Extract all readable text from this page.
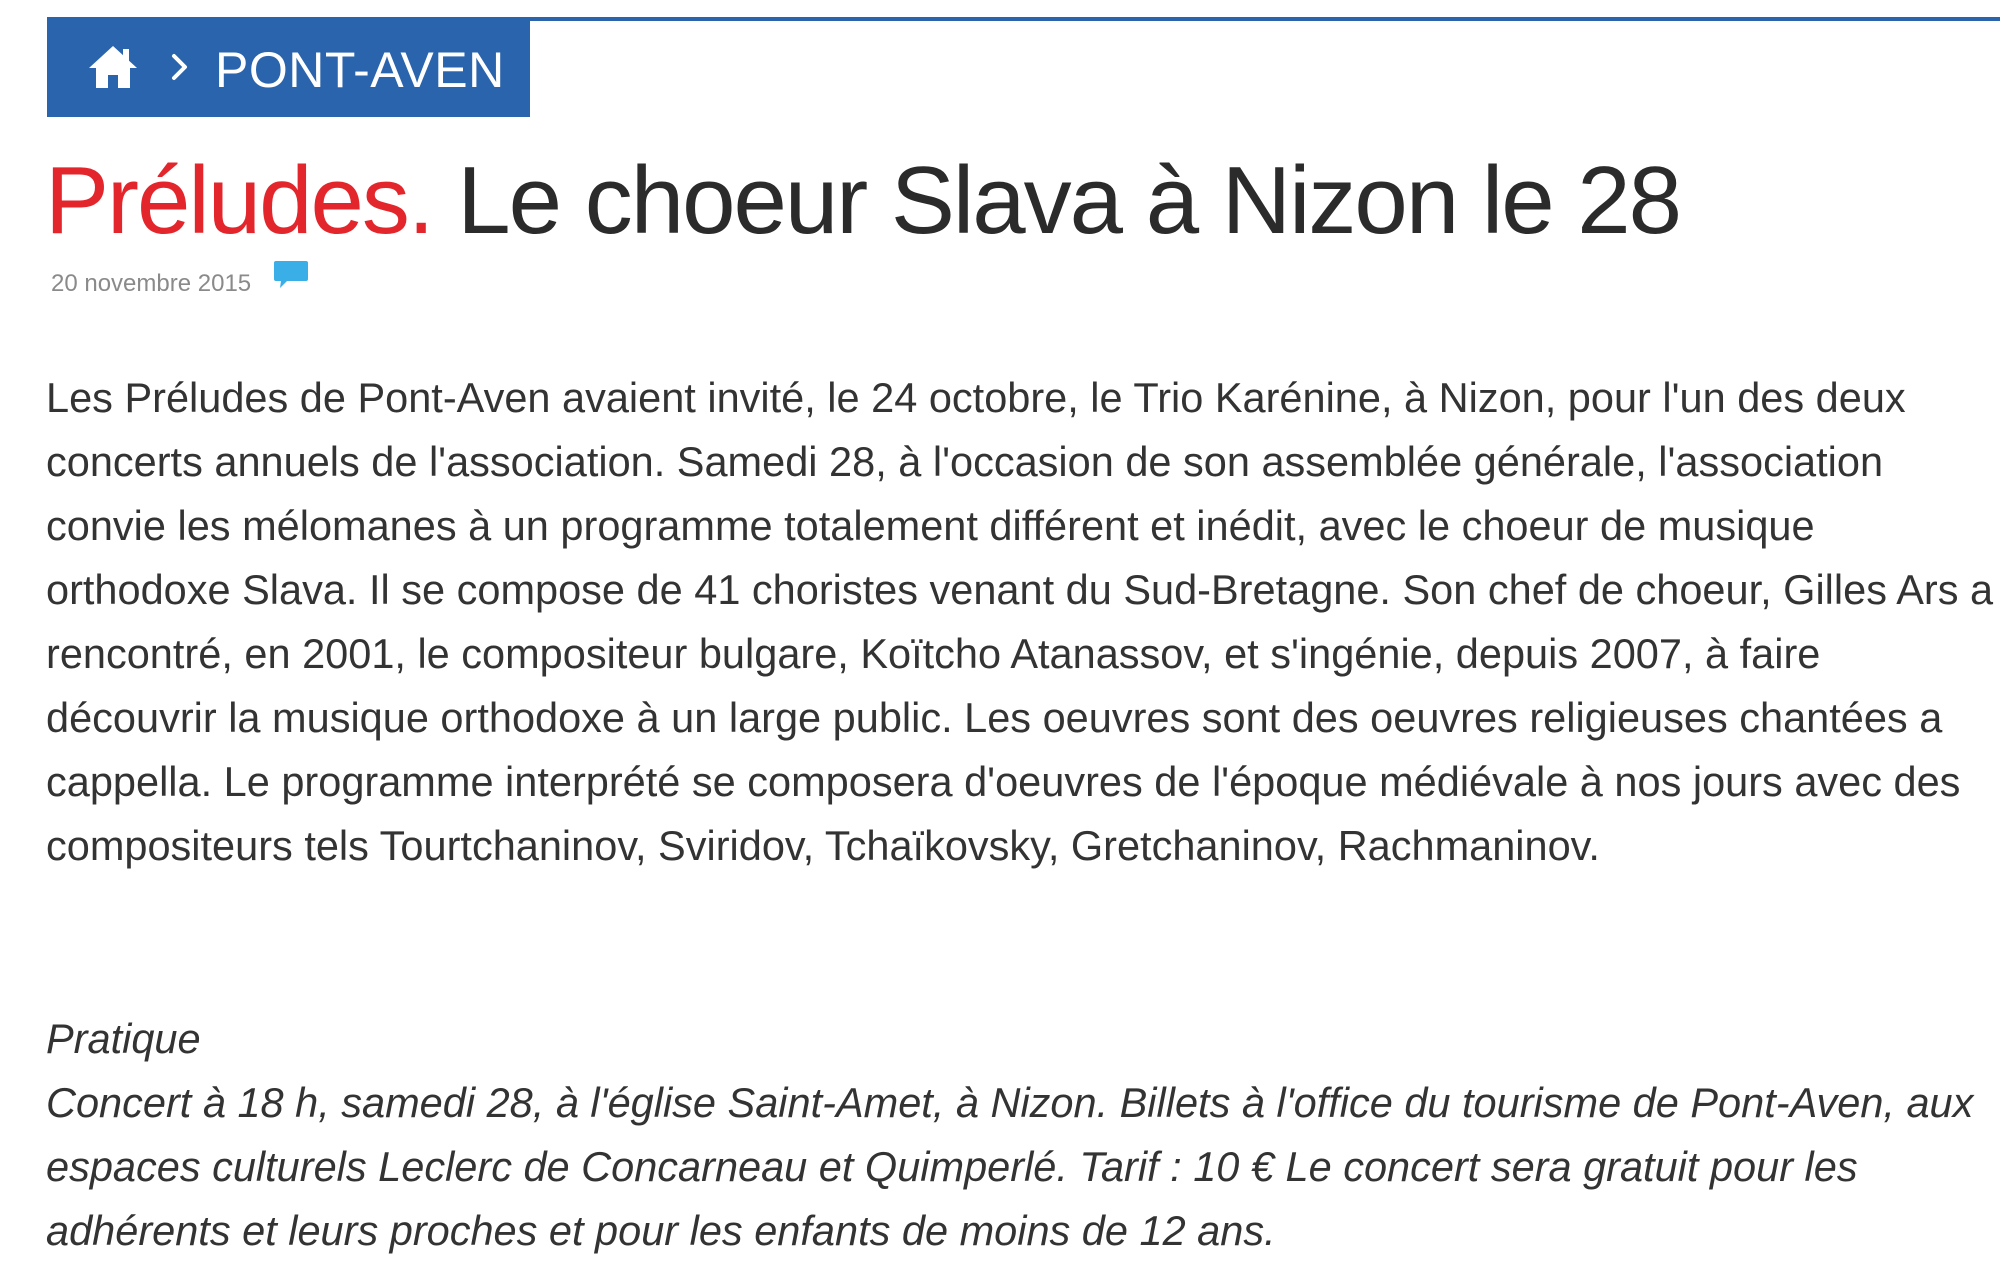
PONT-AVEN
Préludes. Le choeur Slava à Nizon le 28
20 novembre 2015

Les Préludes de Pont-Aven avaient invité, le 24 octobre, le Trio Karénine, à Nizon, pour l'un des deux concerts annuels de l'association. Samedi 28, à l'occasion de son assemblée générale, l'association convie les mélomanes à un programme totalement différent et inédit, avec le choeur de musique orthodoxe Slava. Il se compose de 41 choristes venant du Sud-Bretagne. Son chef de choeur, Gilles Ars a rencontré, en 2001, le compositeur bulgare, Koïtcho Atanassov, et s'ingénie, depuis 2007, à faire découvrir la musique orthodoxe à un large public. Les oeuvres sont des oeuvres religieuses chantées a cappella. Le programme interprété se composera d'oeuvres de l'époque médiévale à nos jours avec des compositeurs tels Tourtchaninov, Sviridov, Tchaïkovsky, Gretchaninov, Rachmaninov.

Pratique

Concert à 18 h, samedi 28, à l'église Saint-Amet, à Nizon. Billets à l'office du tourisme de Pont-Aven, aux espaces culturels Leclerc de Concarneau et Quimperlé. Tarif : 10 € Le concert sera gratuit pour les adhérents et leurs proches et pour les enfants de moins de 12 ans.
